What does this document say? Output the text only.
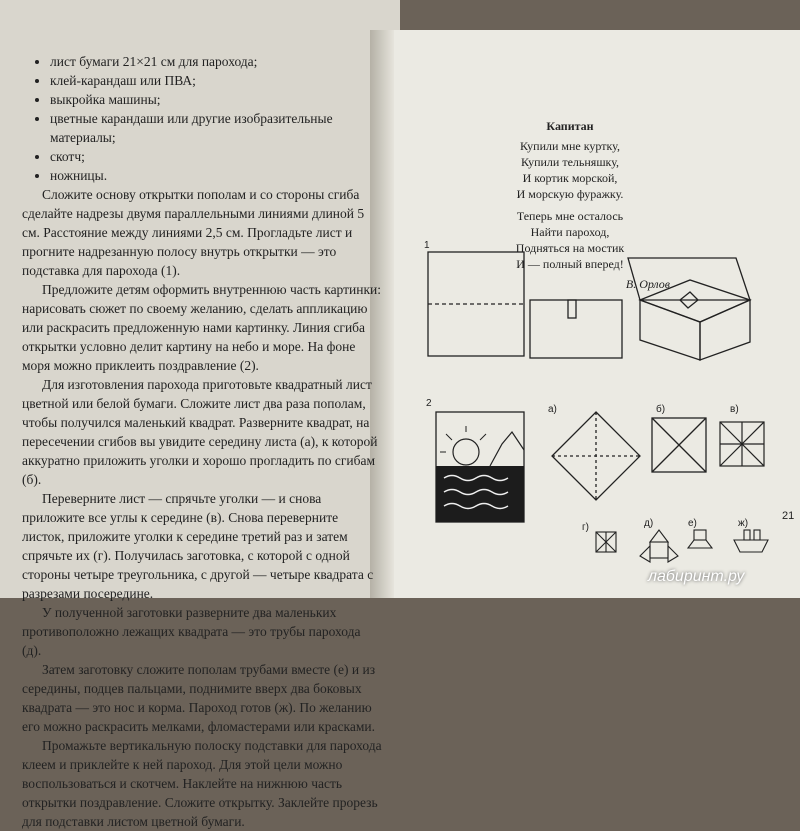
• лист бумаги 21×21 см для парохода;
• клей-карандаш или ПВА;
• выкройка машины;
• цветные карандаши или другие изобразительные материалы;
• скотч;
• ножницы.

Сложите основу открытки пополам и со стороны сгиба сделайте надрезы двумя параллельными линиями длиной 5 см. Расстояние между линиями 2,5 см. Прогладьте лист и прогните надрезанную полосу внутрь открытки — это подставка для парохода (1).

Предложите детям оформить внутреннюю часть картинки: нарисовать сюжет по своему желанию, сделать аппликацию или раскрасить предложенную нами картинку. Линия сгиба открытки условно делит картину на небо и море. На фоне моря можно приклеить поздравление (2).

Для изготовления парохода приготовьте квадратный лист цветной или белой бумаги. Сложите лист два раза пополам, чтобы получился маленький квадрат. Разверните квадрат, на пересечении сгибов вы увидите середину листа (а), к которой аккуратно приложить уголки и хорошо прогладить по сгибам (б).

Переверните лист — спрячьте уголки — и снова приложите все углы к середине (в). Снова переверните листок, приложите уголки к середине третий раз и затем спрячьте их (г). Получилась заготовка, с которой с одной стороны четыре треугольника, с другой — четыре квадрата с разрезами посередине.

У полученной заготовки разверните два маленьких противоположно лежащих квадрата — это трубы парохода (д).

Затем заготовку сложите пополам трубами вместе (е) и из середины, подцев пальцами, поднимите вверх два боковых квадрата — это нос и корма. Пароход готов (ж). По желанию его можно раскрасить мелками, фломастерами или красками.

Промажьте вертикальную полоску подставки для парохода клеем и приклейте к ней пароход. Для этой цели можно воспользоваться и скотчем. Наклейте на нижнюю часть открытки поздравление. Сложите открытку. Заклейте прорезь для подставки листом цветной бумаги.

Капитан
Купили мне куртку,
Купили тельняшку,
И кортик морской,
И морскую фуражку.
Теперь мне осталось
Найти пароход,
Подняться на мостик
И — полный вперед!
В. Орлов
1
2
а)	б)	в)
г)	д)	е)	ж)
21
лабиринт.ру
